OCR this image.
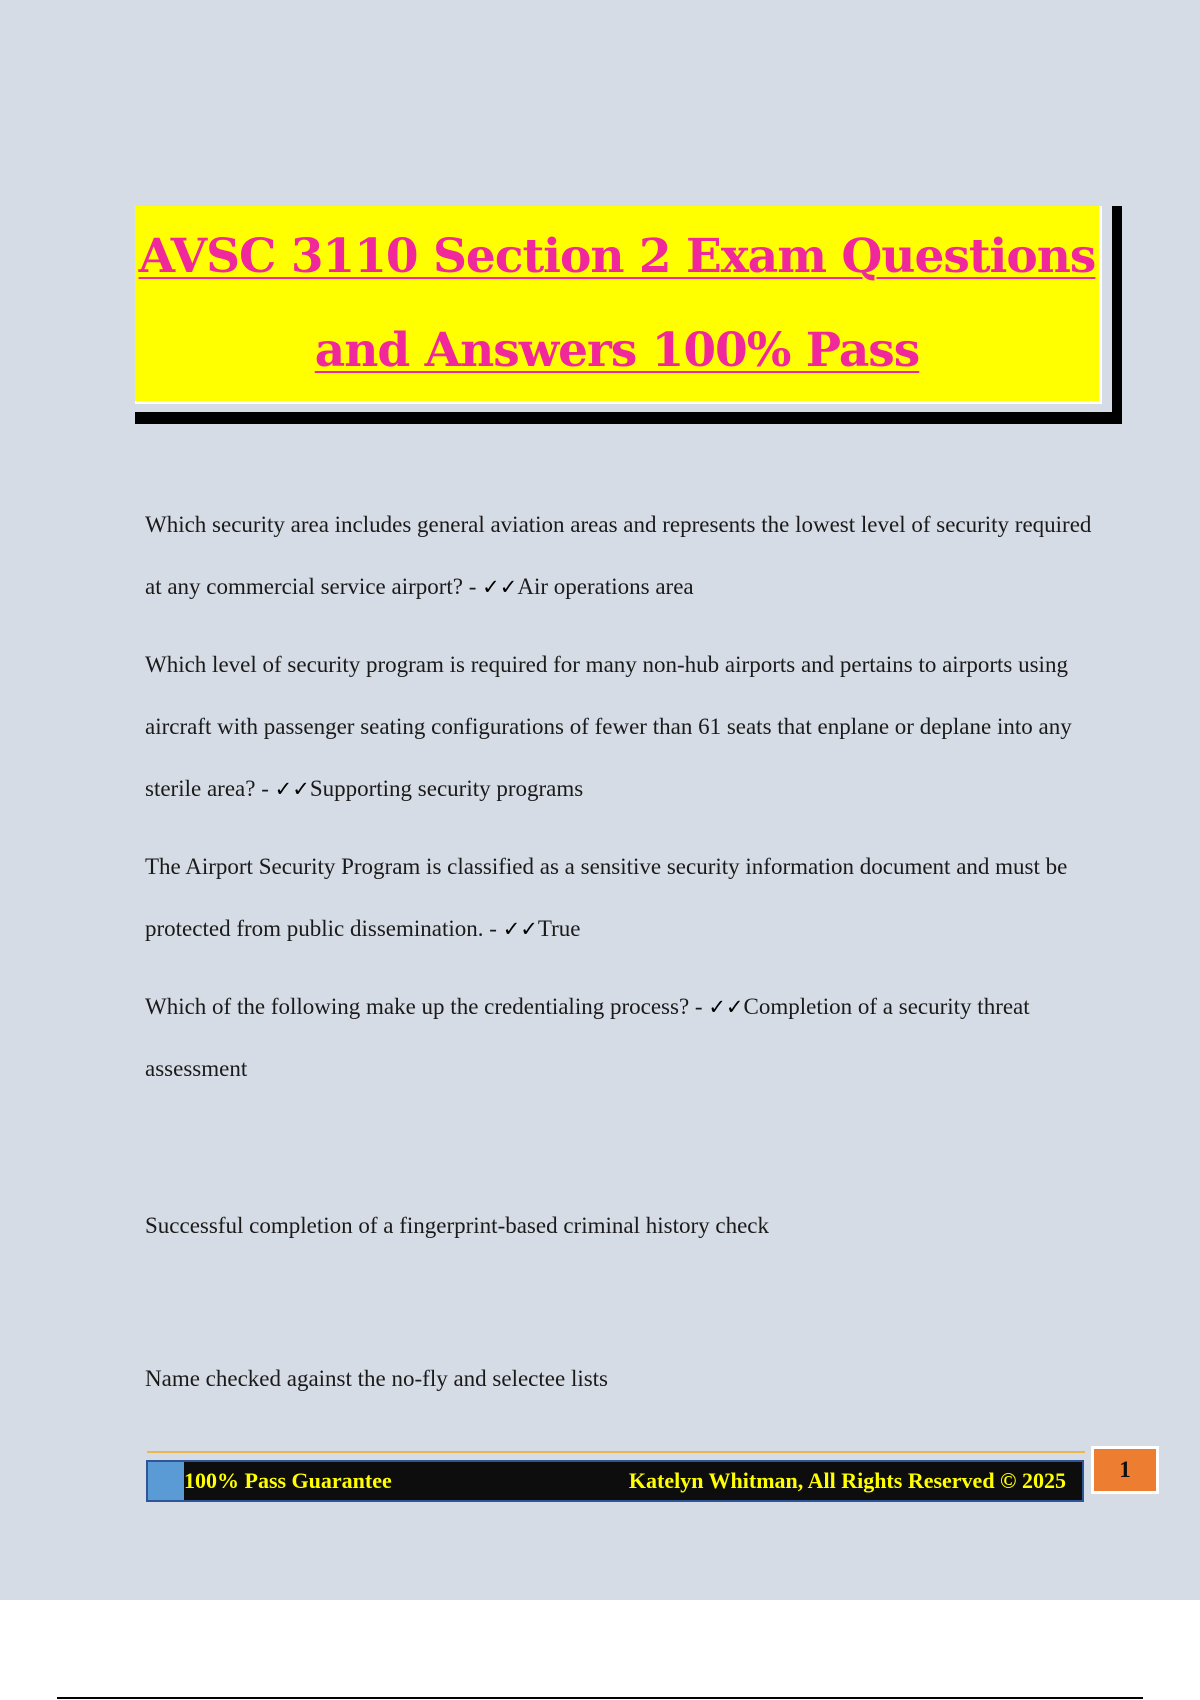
AVSC 3110 Section 2 Exam Questions
and Answers 100% Pass

Which security area includes general aviation areas and represents the lowest level of security required at any commercial service airport? - ✓✓Air operations area

Which level of security program is required for many non-hub airports and pertains to airports using aircraft with passenger seating configurations of fewer than 61 seats that enplane or deplane into any sterile area? - ✓✓Supporting security programs

The Airport Security Program is classified as a sensitive security information document and must be protected from public dissemination. - ✓✓True

Which of the following make up the credentialing process? - ✓✓Completion of a security threat assessment

Successful completion of a fingerprint-based criminal history check
Name checked against the no-fly and selectee lists
100% Pass Guarantee	Katelyn Whitman, All Rights Reserved © 2025	1
